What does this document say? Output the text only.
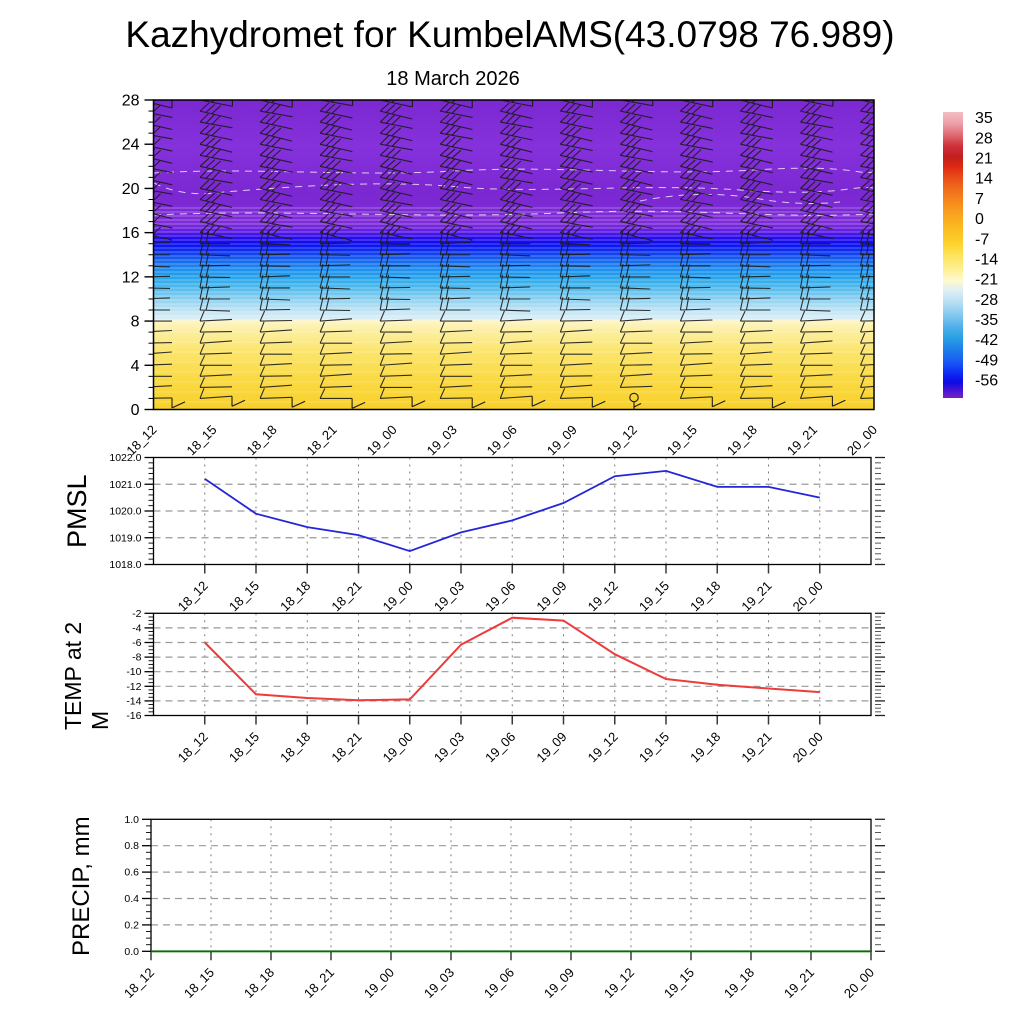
Kazhydromet for KumbelAMS(43.0798 76.989)
18 March 2026
PMSL
TEMP at 2 M
PRECIP, mm
0
4
8
12
16
20
24
28
18_12 18_15 18_18 18_21 19_00 19_03 19_06 19_09 19_12 19_15 19_18 19_21 20_00
35
28
21
14
7
0
-7
-14
-21
-28
-35
-42
-49
-56
18_12 18_15 18_18 18_21 19_00 19_03 19_06 19_09 19_12 19_15 19_18 19_21 20_00
1018.0
1019.0
1020.0
1021.0
1022.0
18_12 18_15 18_18 18_21 19_00 19_03 19_06 19_09 19_12 19_15 19_18 19_21 20_00
-16
-14
-12
-10
-8
-6
-4
-2
18_12 18_15 18_18 18_21 19_00 19_03 19_06 19_09 19_12 19_15 19_18 19_21 20_00
0.0
0.2
0.4
0.6
0.8
1.0
